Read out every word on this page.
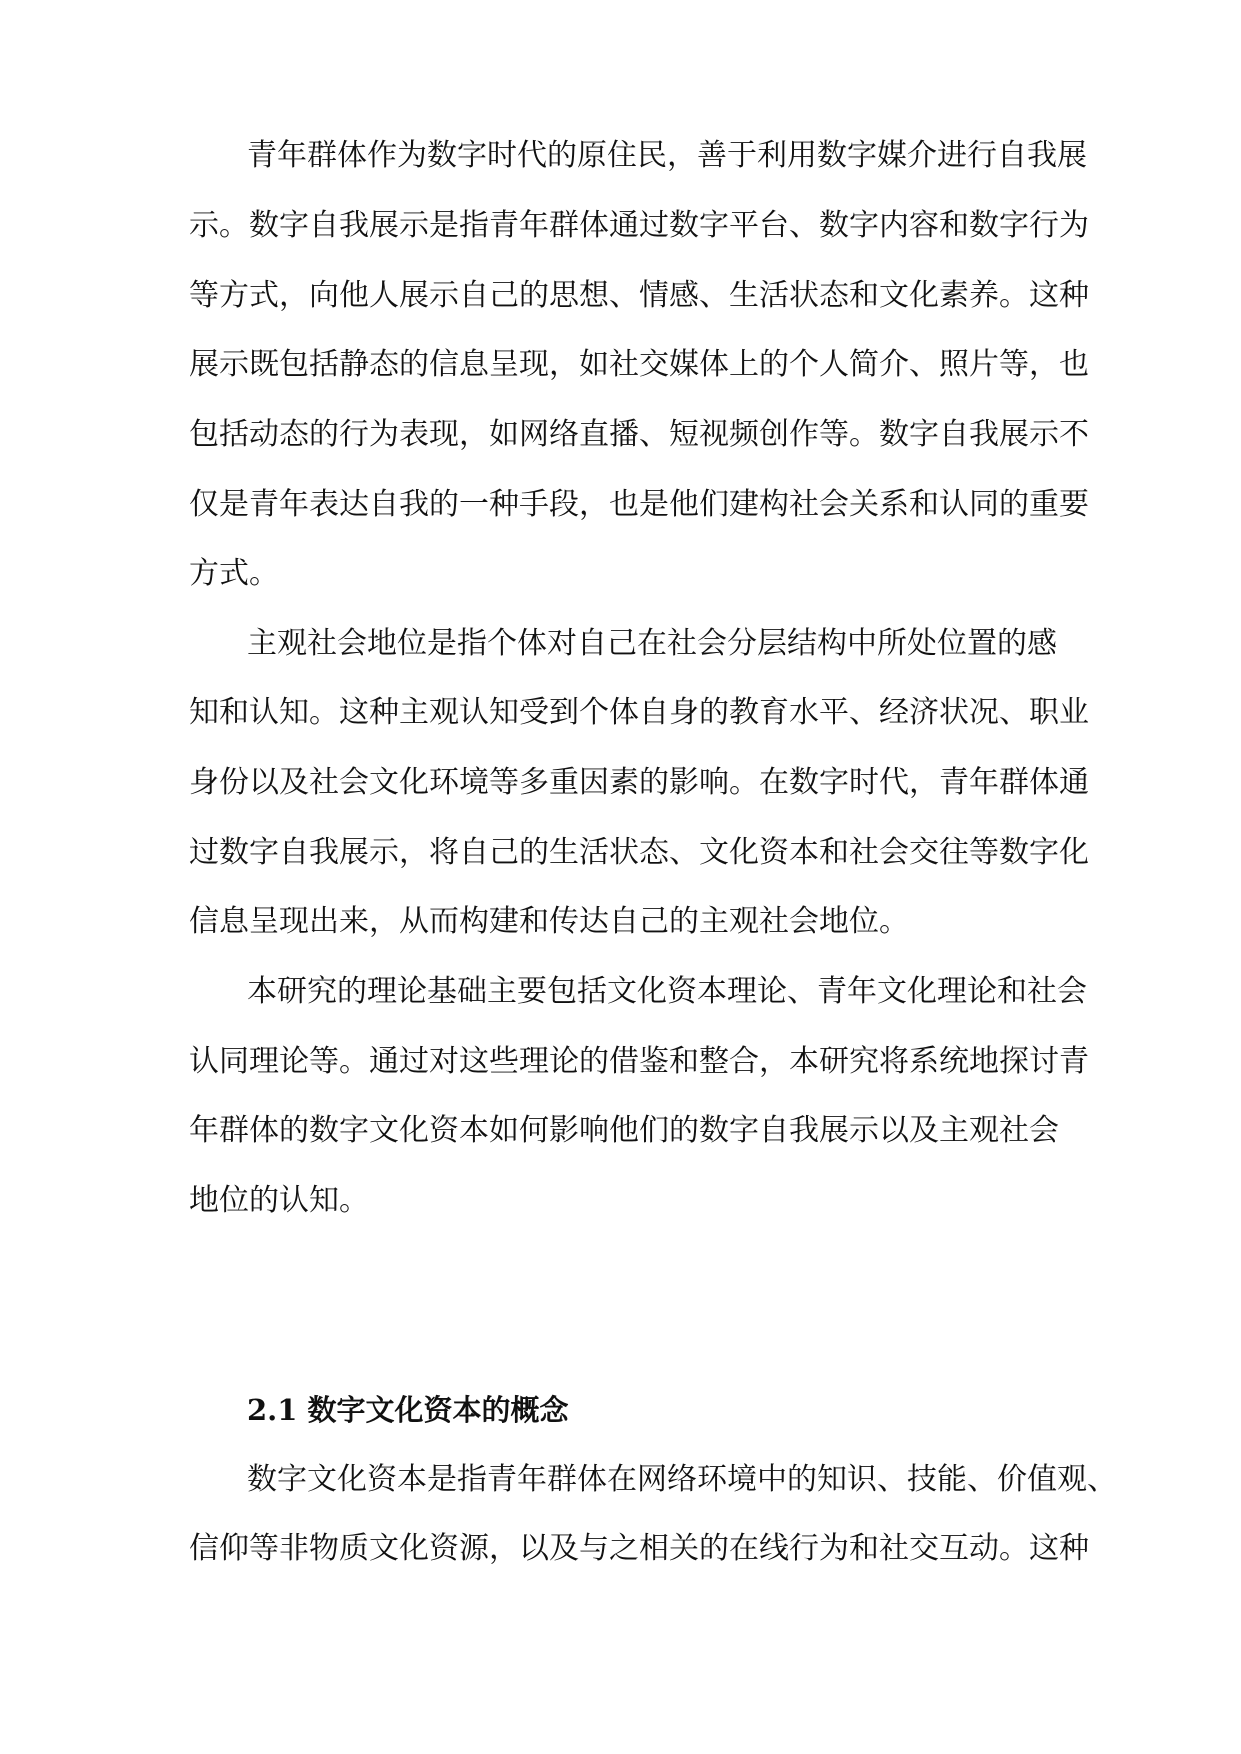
青年群体作为数字时代的原住民，善于利用数字媒介进行自我展
示。数字自我展示是指青年群体通过数字平台、数字内容和数字行为
等方式，向他人展示自己的思想、情感、生活状态和文化素养。这种
展示既包括静态的信息呈现，如社交媒体上的个人简介、照片等，也
包括动态的行为表现，如网络直播、短视频创作等。数字自我展示不
仅是青年表达自我的一种手段，也是他们建构社会关系和认同的重要
方式。
主观社会地位是指个体对自己在社会分层结构中所处位置的感
知和认知。这种主观认知受到个体自身的教育水平、经济状况、职业
身份以及社会文化环境等多重因素的影响。在数字时代，青年群体通
过数字自我展示，将自己的生活状态、文化资本和社会交往等数字化
信息呈现出来，从而构建和传达自己的主观社会地位。
本研究的理论基础主要包括文化资本理论、青年文化理论和社会
认同理论等。通过对这些理论的借鉴和整合，本研究将系统地探讨青
年群体的数字文化资本如何影响他们的数字自我展示以及主观社会
地位的认知。
2.1 数字文化资本的概念
数字文化资本是指青年群体在网络环境中的知识、技能、价值观、
信仰等非物质文化资源，以及与之相关的在线行为和社交互动。这种
